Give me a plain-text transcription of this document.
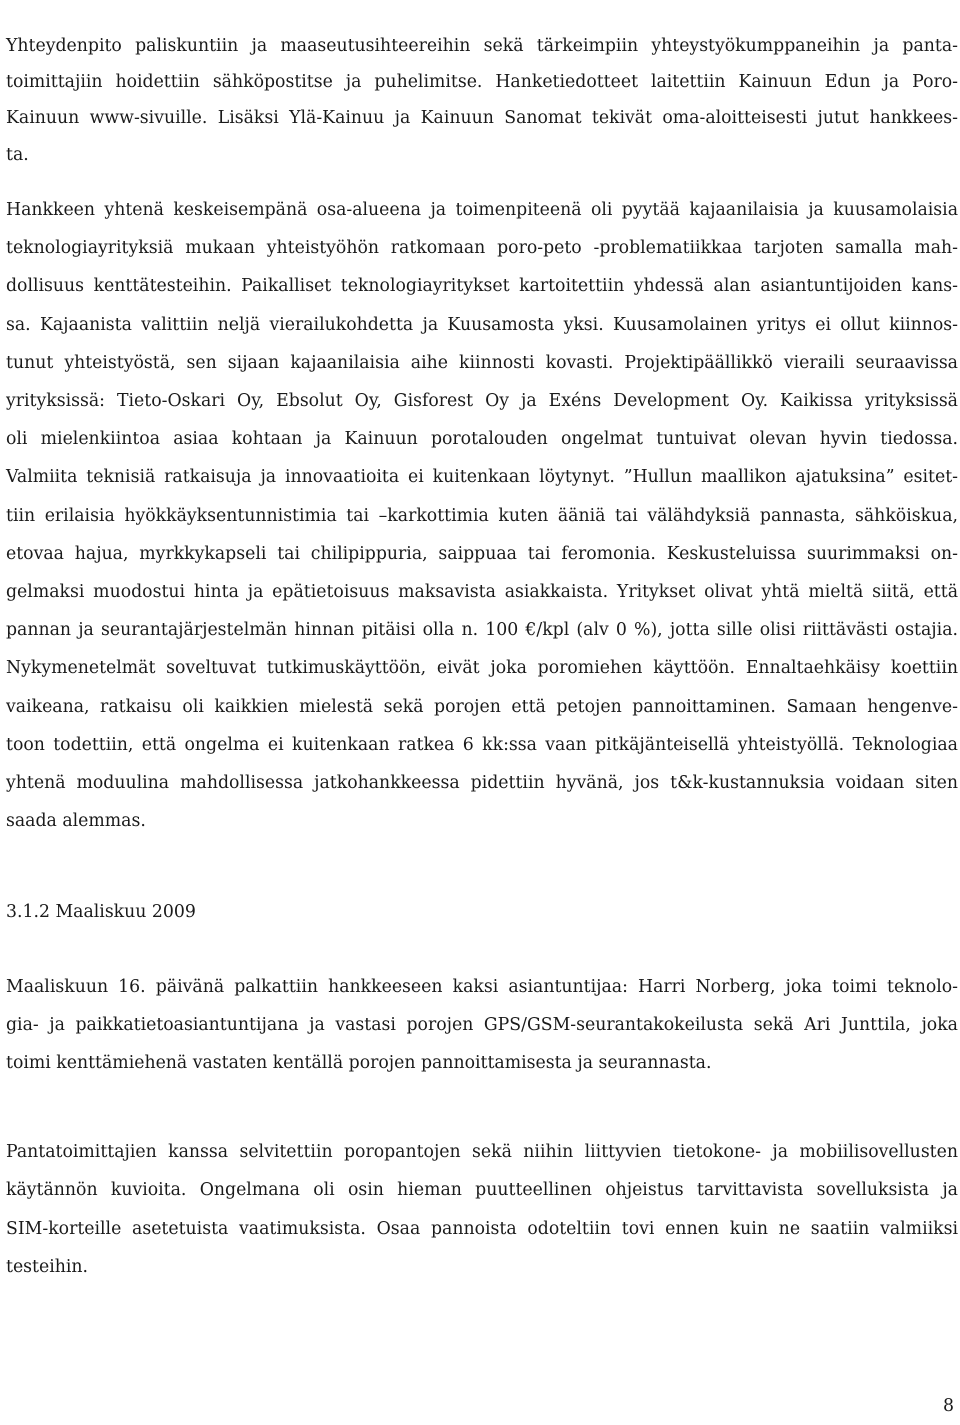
Yhteydenpito paliskuntiin ja maaseutusihteereihin sekä tärkeimpiin yhteystyökumppaneihin ja panta-
toimittajiin hoidettiin sähköpostitse ja puhelimitse. Hanketiedotteet laitettiin Kainuun Edun ja Poro-
Kainuun www-sivuille. Lisäksi Ylä-Kainuu ja Kainuun Sanomat tekivät oma-aloitteisesti jutut hankkees-
ta.
Hankkeen yhtenä keskeisempänä osa-alueena ja toimenpiteenä oli pyytää kajaanilaisia ja kuusamolaisia
teknologiayrityksiä mukaan yhteistyöhön ratkomaan poro-peto -problematiikkaa tarjoten samalla mah-
dollisuus kenttätesteihin. Paikalliset teknologiayritykset kartoitettiin yhdessä alan asiantuntijoiden kans-
sa. Kajaanista valittiin neljä vierailukohdetta ja Kuusamosta yksi. Kuusamolainen yritys ei ollut kiinnos-
tunut yhteistyöstä, sen sijaan kajaanilaisia aihe kiinnosti kovasti. Projektipäällikkö vieraili seuraavissa
yrityksissä: Tieto-Oskari Oy, Ebsolut Oy, Gisforest Oy ja Exéns Development Oy. Kaikissa yrityksissä
oli mielenkiintoa asiaa kohtaan ja Kainuun porotalouden ongelmat tuntuivat olevan hyvin tiedossa.
Valmiita teknisiä ratkaisuja ja innovaatioita ei kuitenkaan löytynyt. ”Hullun maallikon ajatuksina” esitet-
tiin erilaisia hyökkäyksentunnistimia tai –karkottimia kuten ääniä tai välähdyksiä pannasta, sähköiskua,
etovaa hajua, myrkkykapseli tai chilipippuria, saippuaa tai feromonia. Keskusteluissa suurimmaksi on-
gelmaksi muodostui hinta ja epätietoisuus maksavista asiakkaista. Yritykset olivat yhtä mieltä siitä, että
pannan ja seurantajärjestelmän hinnan pitäisi olla n. 100 €/kpl (alv 0 %), jotta sille olisi riittävästi ostajia.
Nykymenetelmät soveltuvat tutkimuskäyttöön, eivät joka poromiehen käyttöön. Ennaltaehkäisy koettiin
vaikeana, ratkaisu oli kaikkien mielestä sekä porojen että petojen pannoittaminen. Samaan hengenve-
toon todettiin, että ongelma ei kuitenkaan ratkea 6 kk:ssa vaan pitkäjänteisellä yhteistyöllä. Teknologiaa
yhtenä moduulina mahdollisessa jatkohankkeessa pidettiin hyvänä, jos t&k-kustannuksia voidaan siten
saada alemmas.
3.1.2 Maaliskuu 2009
Maaliskuun 16. päivänä palkattiin hankkeeseen kaksi asiantuntijaa: Harri Norberg, joka toimi teknolo-
gia- ja paikkatietoasiantuntijana ja vastasi porojen GPS/GSM-seurantakokeilusta sekä Ari Junttila, joka
toimi kenttämiehenä vastaten kentällä porojen pannoittamisesta ja seurannasta.
Pantatoimittajien kanssa selvitettiin poropantojen sekä niihin liittyvien tietokone- ja mobiilisovellusten
käytännön kuvioita. Ongelmana oli osin hieman puutteellinen ohjeistus tarvittavista sovelluksista ja
SIM-korteille asetetuista vaatimuksista. Osaa pannoista odoteltiin tovi ennen kuin ne saatiin valmiiksi
testeihin.
8
